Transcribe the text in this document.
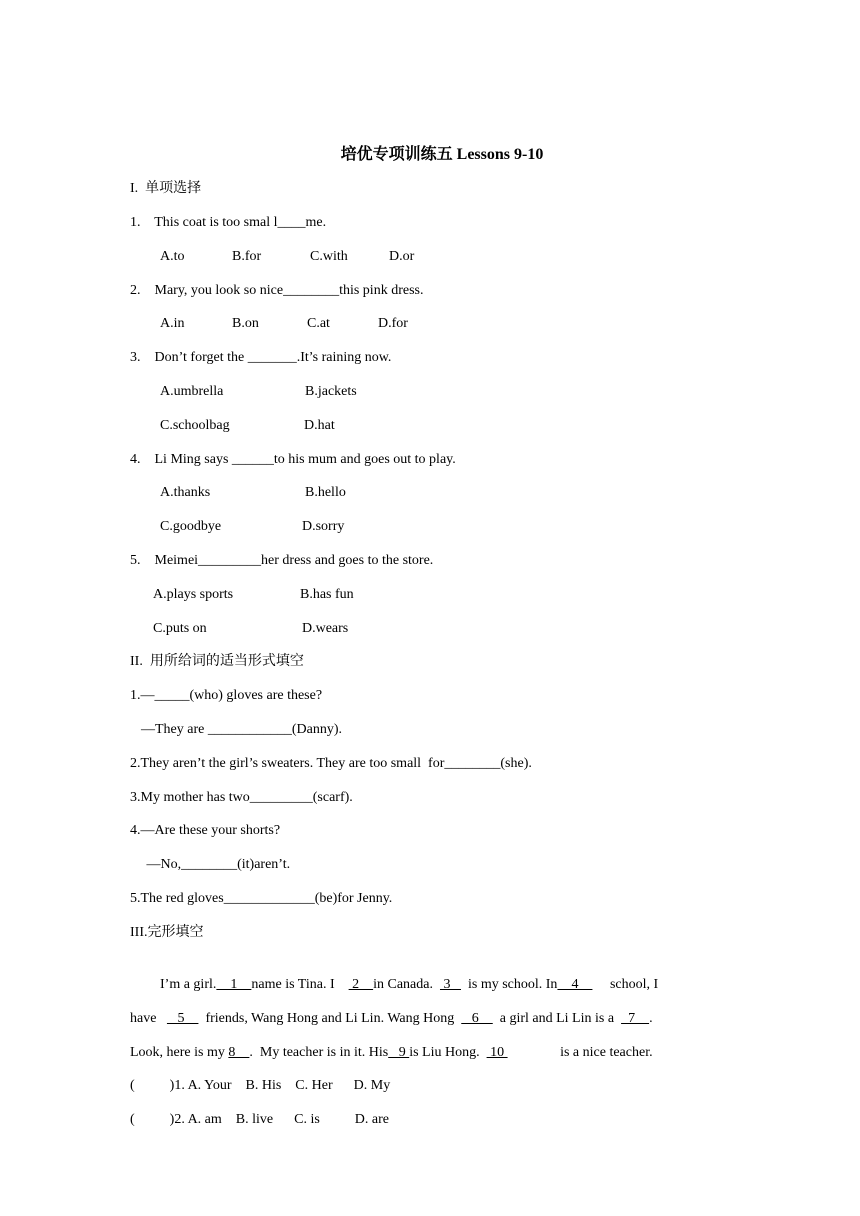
培优专项训练五 Lessons 9-10
I.  单项选择
1.    This coat is too smal l____me.
A.to	B.for	C.with	D.or
2.    Mary, you look so nice________this pink dress.
A.in	B.on	C.at	D.for
3.    Don’t forget the _______.It’s raining now.
A.umbrella	B.jackets
C.schoolbag	D.hat
4.    Li Ming says ______to his mum and goes out to play.
A.thanks	B.hello
C.goodbye	D.sorry
5.    Meimei_________her dress and goes to the store.
A.plays sports	B.has fun
C.puts on	D.wears
II.  用所给词的适当形式填空
1.—_____(who) gloves are these?
—They are ____________(Danny).
2.They aren’t the girl’s sweaters. They are too small  for________(she).
3.My mother has two_________(scarf).
4.—Are these your shorts?
—No,________(it)aren’t.
5.The red gloves_____________(be)for Jenny.
III.完形填空

I’m a girl.    1    name is Tina. I     2    in Canada.   3     is my school. In    4         school, I

have      5      friends, Wang Hong and Li Lin. Wang Hong     6      a girl and Li Lin is a    7    .

Look, here is my 8    .  My teacher is in it. His   9 is Liu Hong.   10                is a nice teacher.

(          )1. A. Your    B. His    C. Her      D. My

(          )2. A. am    B. live      C. is          D. are
